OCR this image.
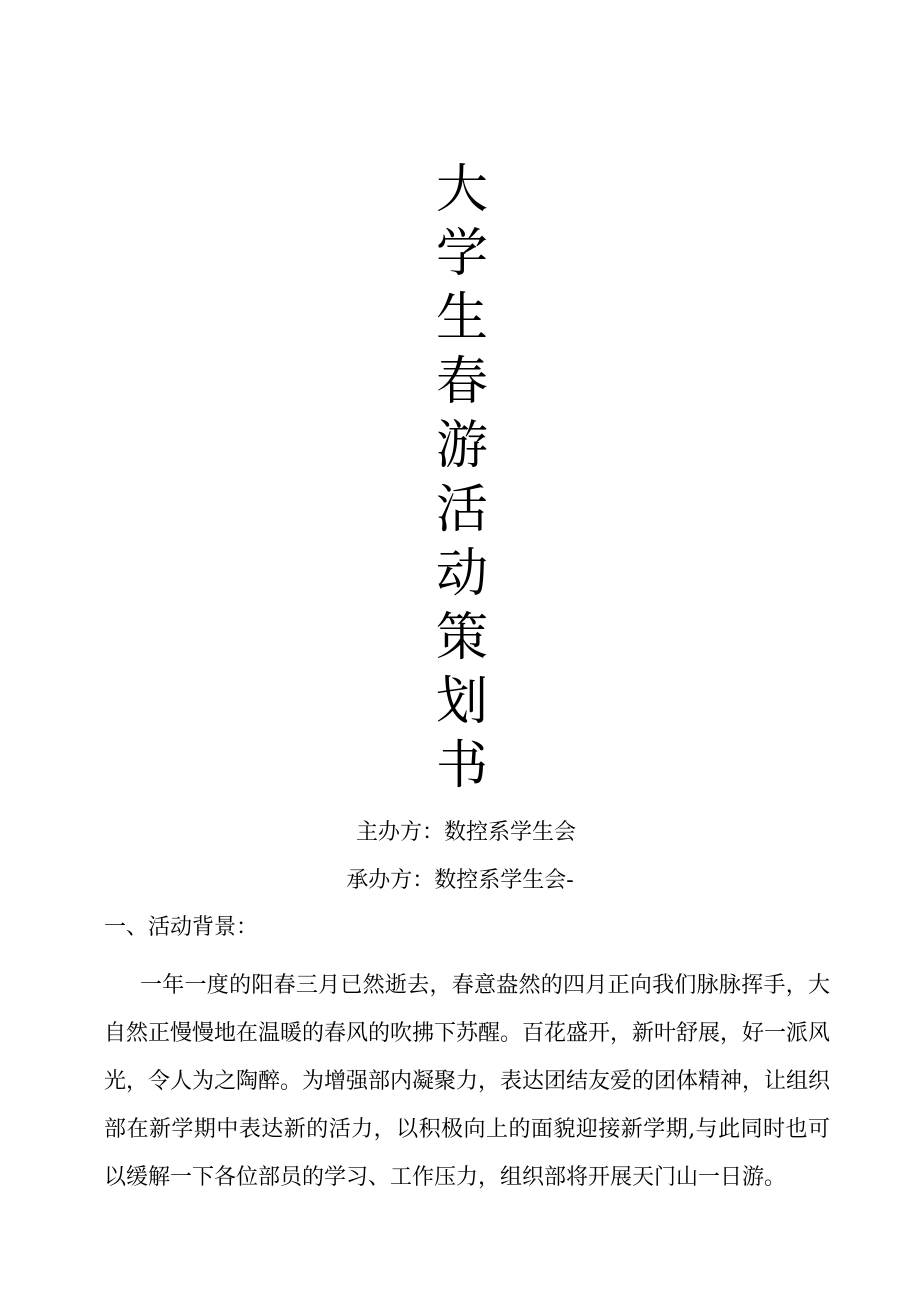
大学生春游活动策划书
主办方：数控系学生会
承办方：数控系学生会-
一、活动背景：

一年一度的阳春三月已然逝去，春意盎然的四月正向我们脉脉挥手，大自然正慢慢地在温暖的春风的吹拂下苏醒。百花盛开，新叶舒展，好一派风光，令人为之陶醉。为增强部内凝聚力，表达团结友爱的团体精神，让组织部在新学期中表达新的活力，以积极向上的面貌迎接新学期,与此同时也可以缓解一下各位部员的学习、工作压力，组织部将开展天门山一日游。
